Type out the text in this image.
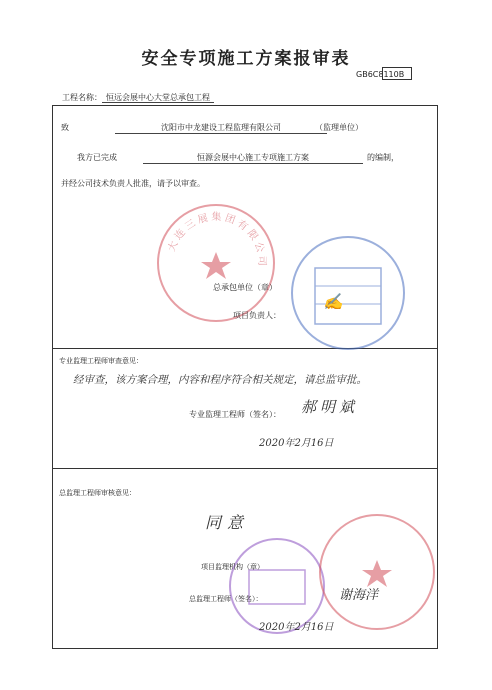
安全专项施工方案报审表
GB6C8110B
工程名称： 恒远会展中心大堂总承包工程
致	沈阳市中龙建设工程监理有限公司	（监理单位）
我方已完成	恒源会展中心施工专项施工方案	的编制，
并经公司技术负责人批准，请予以审查。
大连三展集团有限公司
总承包单位（章）
项目负责人：
✍
专业监理工程师审查意见：
经审查，该方案合理，内容和程序符合相关规定，请总监审批。
专业监理工程师（签名）： 郝明斌
2020年2月16日
总监理工程师审核意见：
同意
项目监理机构（章）
总监理工程师（签名）：	谢海洋
2020年2月16日
